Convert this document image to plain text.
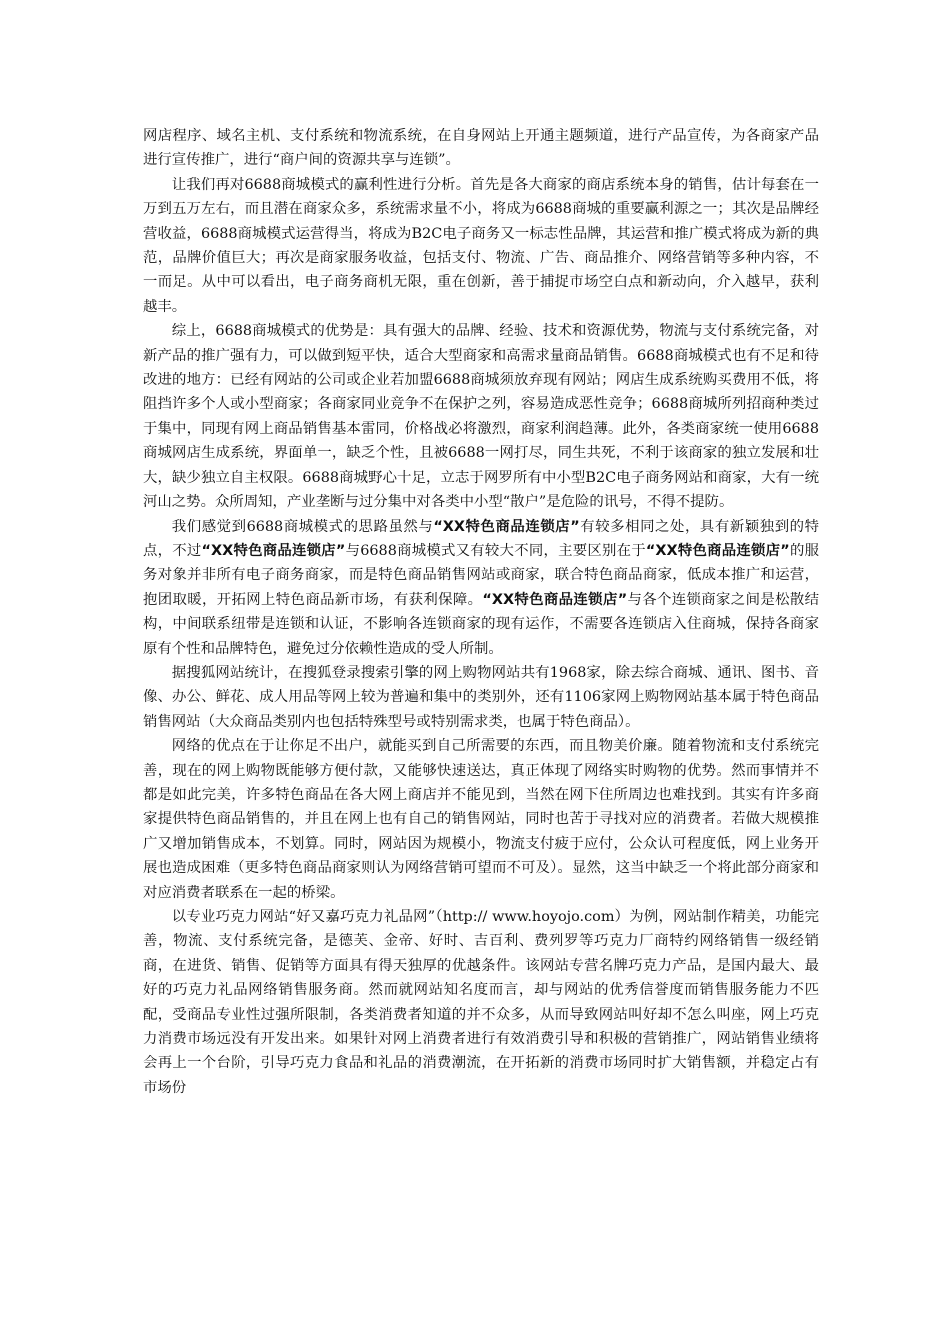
网店程序、域名主机、支付系统和物流系统，在自身网站上开通主题频道，进行产品宣传，为各商家产品进行宣传推广，进行“商户间的资源共享与连锁”。

让我们再对6688商城模式的赢利性进行分析。首先是各大商家的商店系统本身的销售，估计每套在一万到五万左右，而且潜在商家众多，系统需求量不小，将成为6688商城的重要赢利源之一；其次是品牌经营收益，6688商城模式运营得当，将成为B2C电子商务又一标志性品牌，其运营和推广模式将成为新的典范，品牌价值巨大；再次是商家服务收益，包括支付、物流、广告、商品推介、网络营销等多种内容，不一而足。从中可以看出，电子商务商机无限，重在创新，善于捕捉市场空白点和新动向，介入越早，获利越丰。

综上，6688商城模式的优势是：具有强大的品牌、经验、技术和资源优势，物流与支付系统完备，对新产品的推广强有力，可以做到短平快，适合大型商家和高需求量商品销售。6688商城模式也有不足和待改进的地方：已经有网站的公司或企业若加盟6688商城须放弃现有网站；网店生成系统购买费用不低，将阻挡许多个人或小型商家；各商家同业竞争不在保护之列，容易造成恶性竞争；6688商城所列招商种类过于集中，同现有网上商品销售基本雷同，价格战必将激烈，商家利润趋薄。此外，各类商家统一使用6688商城网店生成系统，界面单一，缺乏个性，且被6688一网打尽，同生共死，不利于该商家的独立发展和壮大，缺少独立自主权限。6688商城野心十足，立志于网罗所有中小型B2C电子商务网站和商家，大有一统河山之势。众所周知，产业垄断与过分集中对各类中小型“散户”是危险的讯号，不得不提防。

我们感觉到6688商城模式的思路虽然与“XX特色商品连锁店”有较多相同之处，具有新颖独到的特点，不过“XX特色商品连锁店”与6688商城模式又有较大不同，主要区别在于“XX特色商品连锁店”的服务对象并非所有电子商务商家，而是特色商品销售网站或商家，联合特色商品商家，低成本推广和运营，抱团取暖，开拓网上特色商品新市场，有获利保障。“XX特色商品连锁店”与各个连锁商家之间是松散结构，中间联系纽带是连锁和认证，不影响各连锁商家的现有运作，不需要各连锁店入住商城，保持各商家原有个性和品牌特色，避免过分依赖性造成的受人所制。

据搜狐网站统计，在搜狐登录搜索引擎的网上购物网站共有1968家，除去综合商城、通讯、图书、音像、办公、鲜花、成人用品等网上较为普遍和集中的类别外，还有1106家网上购物网站基本属于特色商品销售网站（大众商品类别内也包括特殊型号或特别需求类，也属于特色商品）。

网络的优点在于让你足不出户，就能买到自己所需要的东西，而且物美价廉。随着物流和支付系统完善，现在的网上购物既能够方便付款，又能够快速送达，真正体现了网络实时购物的优势。然而事情并不都是如此完美，许多特色商品在各大网上商店并不能见到，当然在网下住所周边也难找到。其实有许多商家提供特色商品销售的，并且在网上也有自己的销售网站，同时也苦于寻找对应的消费者。若做大规模推广又增加销售成本，不划算。同时，网站因为规模小，物流支付疲于应付，公众认可程度低，网上业务开展也造成困难（更多特色商品商家则认为网络营销可望而不可及）。显然，这当中缺乏一个将此部分商家和对应消费者联系在一起的桥梁。

以专业巧克力网站“好又嘉巧克力礼品网”（http:// www.hoyojo.com）为例，网站制作精美，功能完善，物流、支付系统完备，是德芙、金帝、好时、吉百利、费列罗等巧克力厂商特约网络销售一级经销商，在进货、销售、促销等方面具有得天独厚的优越条件。该网站专营名牌巧克力产品，是国内最大、最好的巧克力礼品网络销售服务商。然而就网站知名度而言，却与网站的优秀信誉度而销售服务能力不匹配，受商品专业性过强所限制，各类消费者知道的并不众多，从而导致网站叫好却不怎么叫座，网上巧克力消费市场远没有开发出来。如果针对网上消费者进行有效消费引导和积极的营销推广，网站销售业绩将会再上一个台阶，引导巧克力食品和礼品的消费潮流，在开拓新的消费市场同时扩大销售额，并稳定占有市场份
